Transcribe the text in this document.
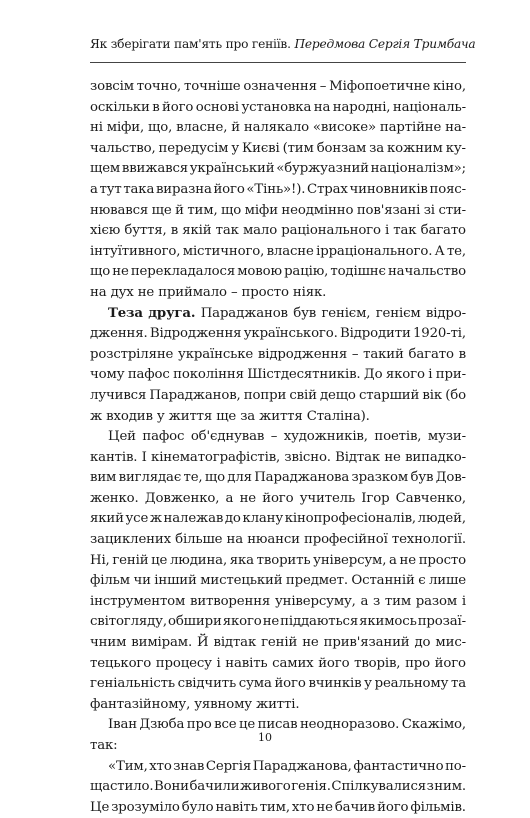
Як зберігати пам'ять про геніїв. Передмова Сергія Тримбача
зовсім точно, точніше означення – Міфопоетичне кіно,
оскільки в його основі установка на народні, національ-
ні міфи, що, власне, й налякало «високе» партійне на-
чальство, передусім у Києві (тим бонзам за кожним ку-
щем ввижався український «буржуазний націоналізм»;
а тут така виразна його «Тінь»!). Страх чиновників пояс-
нювався ще й тим, що міфи неодмінно пов'язані зі сти-
хією буття, в якій так мало раціонального і так багато
інтуїтивного, містичного, власне ірраціонального. А те,
що не перекладалося мовою рацію, тодішнє начальство
на
дух
не
приймало
–
просто
ніяк.

Теза друга. Параджанов був генієм, генієм відро-
дження. Відродження українського. Відродити 1920-ті,
розстріляне українське відродження – такий багато в
чому пафос покоління Шістдесятників. До якого і при-
лучився Параджанов, попри свій дещо старший вік (бо
ж
входив
у
життя
ще
за
життя
Сталіна).

Цей пафос об'єднував – художників, поетів, музи-
кантів. І кінематографістів, звісно. Відтак не випадко-
вим виглядає те, що для Параджанова зразком був Дов-
женко. Довженко, а не його учитель Ігор Савченко,
який усе ж належав до клану кінопрофесіоналів, людей,
зациклених більше на нюанси професійної технології.
Ні, геній це людина, яка творить універсум, а не просто
фільм чи інший мистецький предмет. Останній є лише
інструментом витворення універсуму, а з тим разом і
світогляду, обшири якого не піддаються якимось прозаї-
чним вимірам. Й відтак геній не прив'язаний до мис-
тецького процесу і навіть самих його творів, про його
геніальність свідчить сума його вчинків у реальному та
фантазійному,
уявному
житті.

Іван Дзюба про все це писав неодноразово. Скажімо,
так:

«Тим, хто знав Сергія Параджанова, фантастично по-
щастило. Вони бачили живого генія. Спілкувалися з ним.
Це зрозуміло було навіть тим, хто не бачив його фільмів.
10
